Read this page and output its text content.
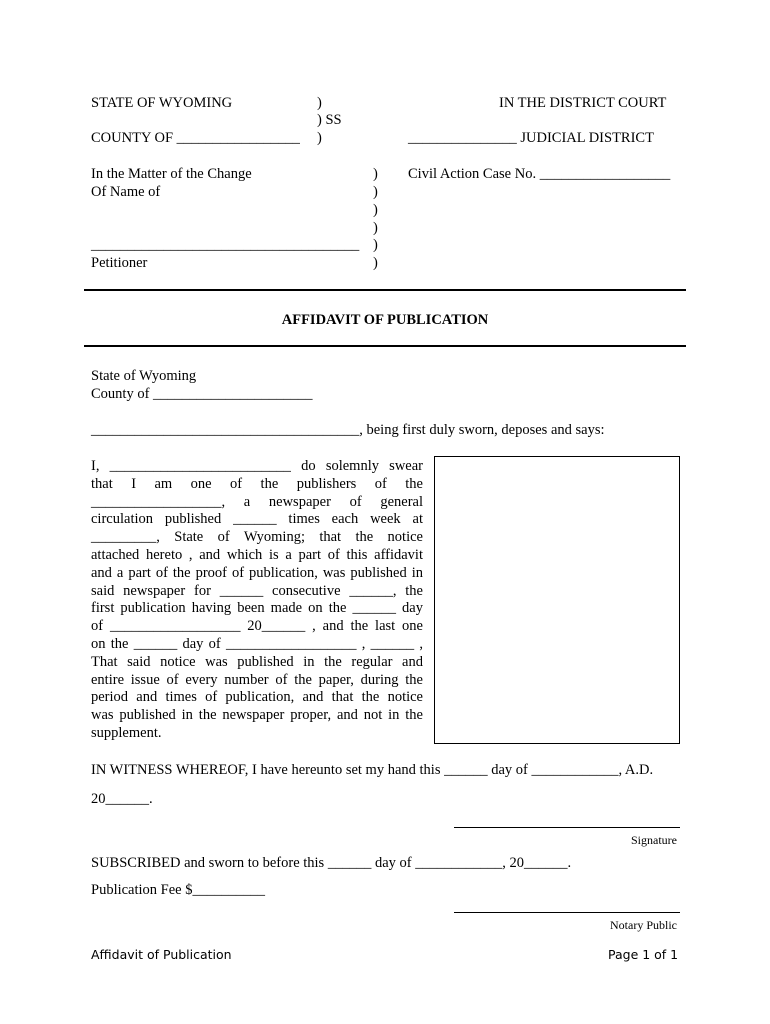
STATE OF WYOMING	)
) SS
COUNTY OF _________________ )
IN THE DISTRICT COURT
_______________ JUDICIAL DISTRICT
In the Matter of the Change
Of Name of
_____________________________________
Petitioner
)
)
)
)
)
)
Civil Action Case No. __________________
AFFIDAVIT OF PUBLICATION
State of Wyoming
County of ______________________
_____________________________________, being first duly sworn, deposes and says:
I, _________________________ do solemnly swear
that I am one of the publishers of the
__________________, a newspaper of general
circulation published ______ times each week at
_________, State of Wyoming; that the notice
attached hereto , and which is a part of this affidavit
and a part of the proof of publication, was published in
said newspaper for ______ consecutive ______, the
first publication having been made on the ______ day
of __________________ 20______ , and the last one
on the ______ day of __________________ , ______ ,
That said notice was published in the regular and
entire issue of every number of the paper, during the
period and times of publication, and that the notice
was published in the newspaper proper, and not in the
supplement.
IN WITNESS WHEREOF, I have hereunto set my hand this ______ day of ____________, A.D.
20______.
Signature
SUBSCRIBED and sworn to before this ______ day of ____________, 20______.
Publication Fee $__________
Notary Public
Affidavit of Publication	Page 1 of 1
